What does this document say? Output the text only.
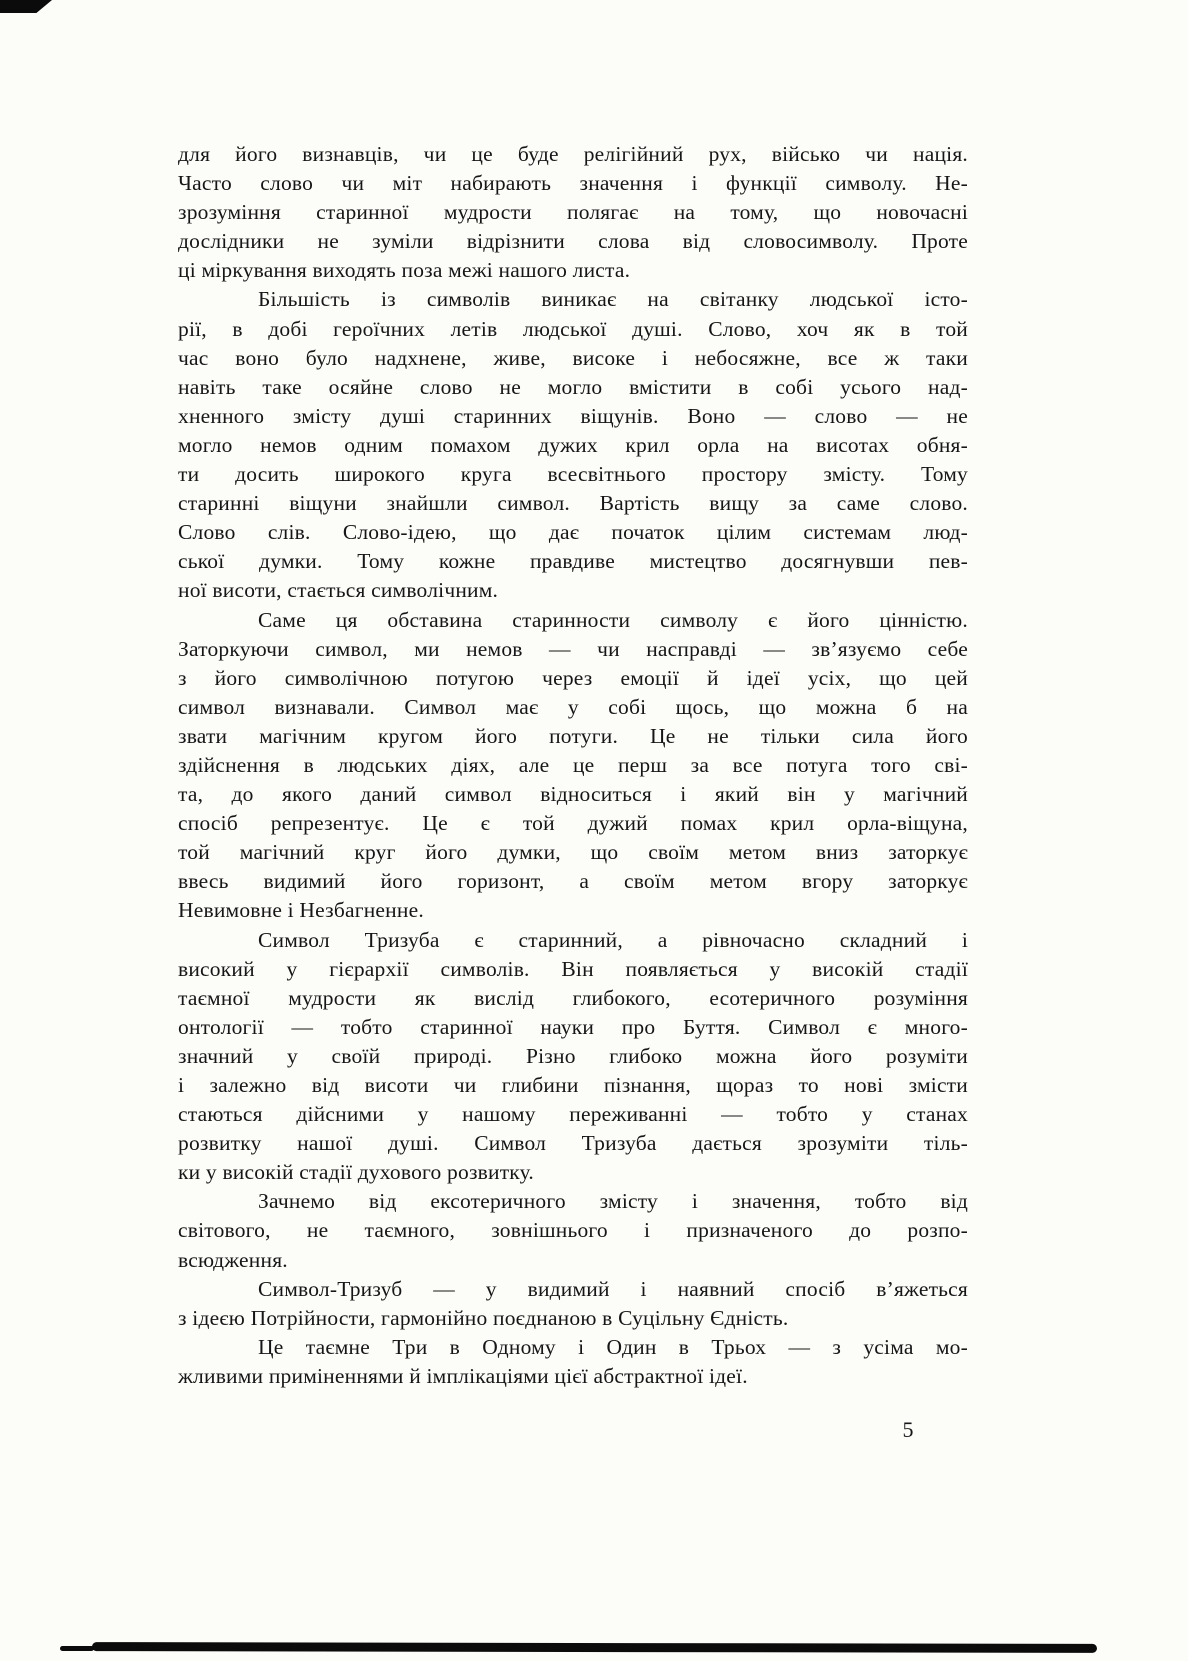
для його визнавців, чи це буде релігійний рух, військо чи нація.
Часто слово чи міт набирають значення і функції символу. Не-
зрозуміння старинної мудрости полягає на тому, що новочасні
дослідники не зуміли відрізнити слова від словосимволу. Проте
ці міркування виходять поза межі нашого листа.

Більшість із символів виникає на світанку людської істо-
рії, в добі героїчних летів людської душі. Слово, хоч як в той
час воно було надхнене, живе, високе і небосяжне, все ж таки
навіть таке осяйне слово не могло вмістити в собі усього над-
хненного змісту душі старинних віщунів. Воно — слово — не
могло немов одним помахом дужих крил орла на висотах обня-
ти досить широкого круга всесвітнього простору змісту. Тому
старинні віщуни знайшли символ. Вартість вищу за саме слово.
Слово слів. Слово-ідею, що дає початок цілим системам люд-
ської думки. Тому кожне правдиве мистецтво досягнувши пев-
ної висоти, стається символічним.

Саме ця обставина старинности символу є його цінністю.
Заторкуючи символ, ми немов — чи насправді — зв’язуємо себе
з його символічною потугою через емоції й ідеї усіх, що цей
символ визнавали. Символ має у собі щось, що можна б на
звати магічним кругом його потуги. Це не тільки сила його
здійснення в людських діях, але це перш за все потуга того сві-
та, до якого даний символ відноситься і який він у магічний
спосіб репрезентує. Це є той дужий помах крил орла-віщуна,
той магічний круг його думки, що своїм метом вниз заторкує
ввесь видимий його горизонт, а своїм метом вгору заторкує
Невимовне і Незбагненне.

Символ Тризуба є старинний, а рівночасно складний і
високий у гієрархії символів. Він появляється у високій стадії
таємної мудрости як вислід глибокого, есотеричного розуміння
онтології — тобто старинної науки про Буття. Символ є много-
значний у своїй природі. Різно глибоко можна його розуміти
і залежно від висоти чи глибини пізнання, щораз то нові змісти
стаються дійсними у нашому переживанні — тобто у станах
розвитку нашої душі. Символ Тризуба дається зрозуміти тіль-
ки у високій стадії духового розвитку.

Зачнемо від ексотеричного змісту і значення, тобто від
світового, не таємного, зовнішнього і призначеного до розпо-
всюдження.

Символ-Тризуб — у видимий і наявний спосіб в’яжеться
з ідеєю Потрійности, гармонійно поєднаною в Суцільну Єдність.

Це таємне Три в Одному і Один в Трьох — з усіма мо-
жливими приміненнями й імплікаціями цієї абстрактної ідеї.

5
